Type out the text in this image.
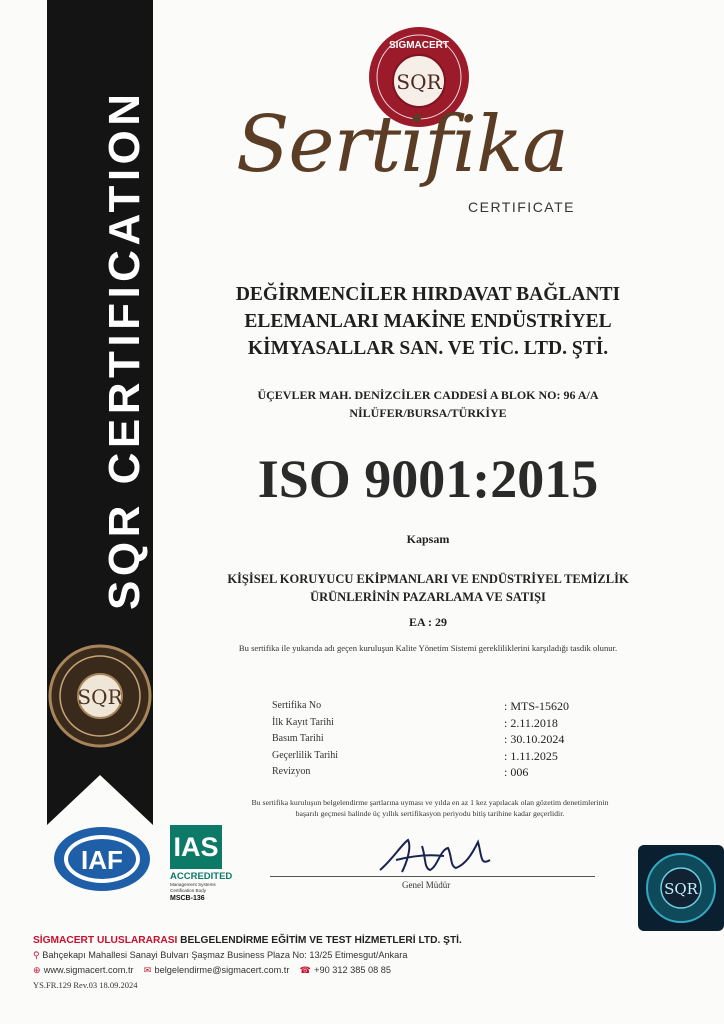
SQR CERTIFICATION
SQR
SIGMACERT
SQR
Sertifika
CERTIFICATE
DEĞİRMENCİLER HIRDAVAT BAĞLANTI
ELEMANLARI MAKİNE ENDÜSTRİYEL
KİMYASALLAR SAN. VE TİC. LTD. ŞTİ.
ÜÇEVLER MAH. DENİZCİLER CADDESİ A BLOK NO: 96 A/A
NİLÜFER/BURSA/TÜRKİYE
ISO 9001:2015
Kapsam
KİŞİSEL KORUYUCU EKİPMANLARI VE ENDÜSTRİYEL TEMİZLİK
ÜRÜNLERİNİN PAZARLAMA VE SATIŞI
EA : 29
Bu sertifika ile yukarıda adı geçen kuruluşun Kalite Yönetim Sistemi gerekliliklerini karşıladığı tasdik olunur.
Sertifika No	: MTS-15620
İlk Kayıt Tarihi	: 2.11.2018
Basım Tarihi	: 30.10.2024
Geçerlilik Tarihi	: 1.11.2025
Revizyon	: 006
Bu sertifika kuruluşun belgelendirme şartlarına uyması ve yılda en az 1 kez yapılacak olan gözetim denetimlerinin
başarılı geçmesi halinde üç yıllık sertifikasyon periyodu bitiş tarihine kadar geçerlidir.
Genel Müdür
IAF IAS
ACCREDITED
Management Systems
Certification Body
MSCB-136
SQR
SİGMACERT ULUSLARARASI BELGELENDİRME EĞİTİM VE TEST HİZMETLERİ LTD. ŞTİ.
⚲ Bahçekapı Mahallesi Sanayi Bulvarı Şaşmaz Business Plaza No: 13/25 Etimesgut/Ankara
⊕ www.sigmacert.com.tr ✉ belgelendirme@sigmacert.com.tr ☎ +90 312 385 08 85
YS.FR.129 Rev.03 18.09.2024
